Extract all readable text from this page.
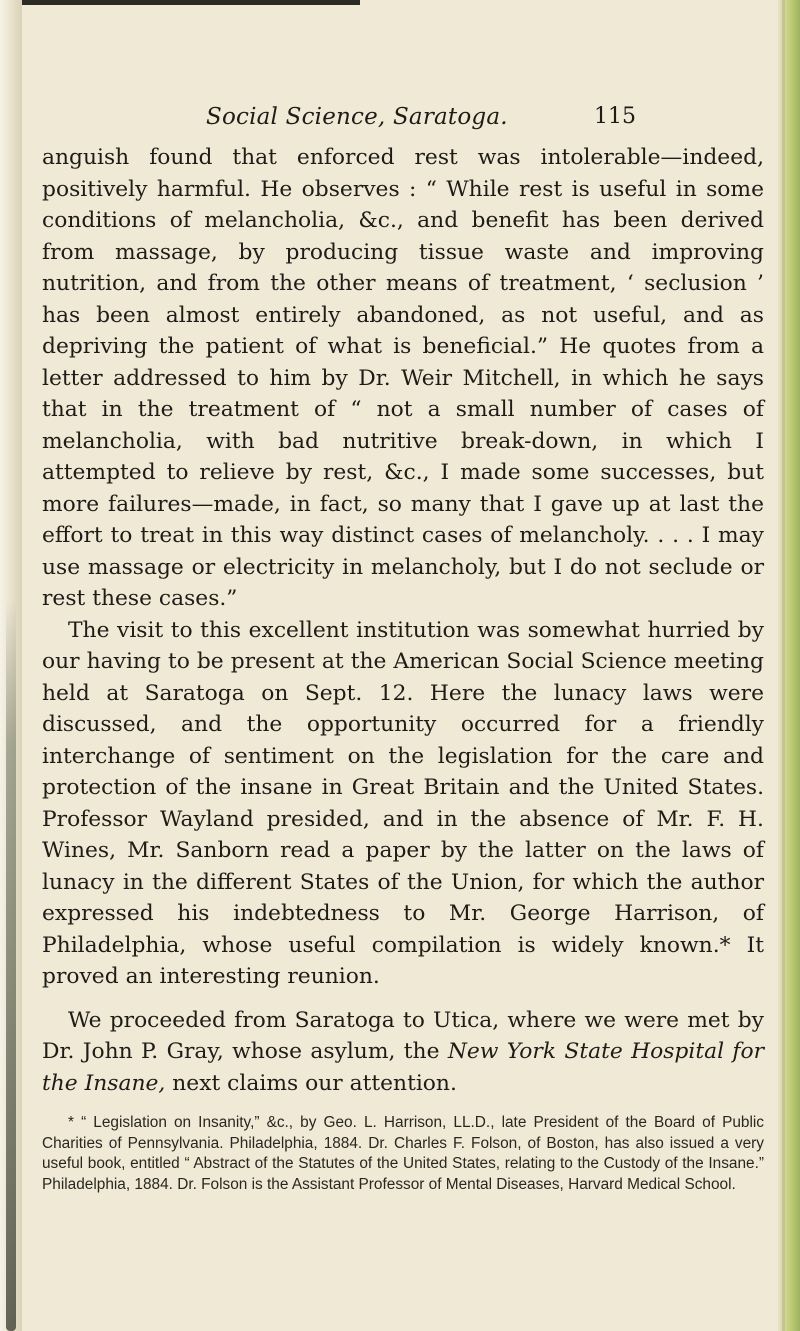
Social Science, Saratoga.	115

anguish found that enforced rest was intolerable—indeed, positively harmful. He observes : “ While rest is useful in some conditions of melancholia, &c., and benefit has been derived from massage, by producing tissue waste and improving nutrition, and from the other means of treatment, ‘ seclusion ’ has been almost entirely abandoned, as not useful, and as depriving the patient of what is beneficial.” He quotes from a letter addressed to him by Dr. Weir Mitchell, in which he says that in the treatment of “ not a small number of cases of melancholia, with bad nutritive break-down, in which I attempted to relieve by rest, &c., I made some successes, but more failures—made, in fact, so many that I gave up at last the effort to treat in this way distinct cases of melancholy. . . . I may use massage or electricity in melancholy, but I do not seclude or rest these cases.”

The visit to this excellent institution was somewhat hurried by our having to be present at the American Social Science meeting held at Saratoga on Sept. 12. Here the lunacy laws were discussed, and the opportunity occurred for a friendly interchange of sentiment on the legislation for the care and protection of the insane in Great Britain and the United States. Professor Wayland presided, and in the absence of Mr. F. H. Wines, Mr. Sanborn read a paper by the latter on the laws of lunacy in the different States of the Union, for which the author expressed his indebtedness to Mr. George Harrison, of Philadelphia, whose useful compilation is widely known.* It proved an interesting reunion.

We proceeded from Saratoga to Utica, where we were met by Dr. John P. Gray, whose asylum, the New York State Hospital for the Insane, next claims our attention.

* “ Legislation on Insanity,” &c., by Geo. L. Harrison, LL.D., late President of the Board of Public Charities of Pennsylvania. Philadelphia, 1884. Dr. Charles F. Folson, of Boston, has also issued a very useful book, entitled “ Abstract of the Statutes of the United States, relating to the Custody of the Insane.” Philadelphia, 1884. Dr. Folson is the Assistant Professor of Mental Diseases, Harvard Medical School.
